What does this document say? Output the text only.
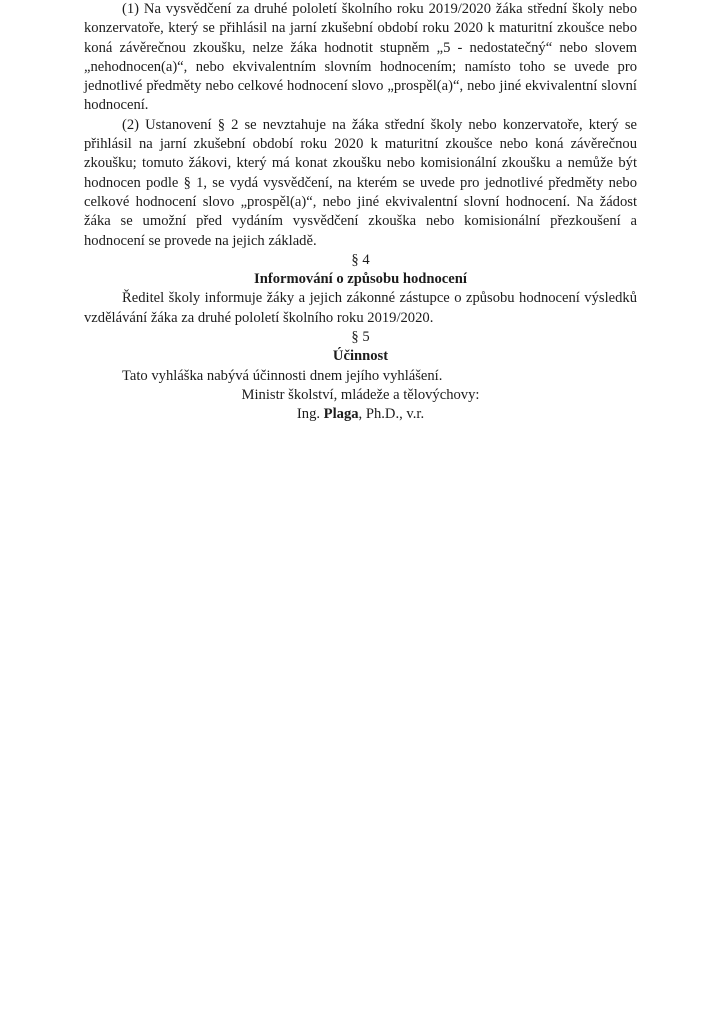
(1) Na vysvědčení za druhé pololetí školního roku 2019/2020 žáka střední školy nebo konzervatoře, který se přihlásil na jarní zkušební období roku 2020 k maturitní zkoušce nebo koná závěrečnou zkoušku, nelze žáka hodnotit stupněm „5 - nedostatečný“ nebo slovem „nehodnocen(a)“, nebo ekvivalentním slovním hodnocením; namísto toho se uvede pro jednotlivé předměty nebo celkové hodnocení slovo „prospěl(a)“, nebo jiné ekvivalentní slovní hodnocení.

(2) Ustanovení § 2 se nevztahuje na žáka střední školy nebo konzervatoře, který se přihlásil na jarní zkušební období roku 2020 k maturitní zkoušce nebo koná závěrečnou zkoušku; tomuto žákovi, který má konat zkoušku nebo komisionální zkoušku a nemůže být hodnocen podle § 1, se vydá vysvědčení, na kterém se uvede pro jednotlivé předměty nebo celkové hodnocení slovo „prospěl(a)“, nebo jiné ekvivalentní slovní hodnocení. Na žádost žáka se umožní před vydáním vysvědčení zkouška nebo komisionální přezkoušení a hodnocení se provede na jejich základě.

§ 4

Informování o způsobu hodnocení

Ředitel školy informuje žáky a jejich zákonné zástupce o způsobu hodnocení výsledků vzdělávání žáka za druhé pololetí školního roku 2019/2020.

§ 5

Účinnost

Tato vyhláška nabývá účinnosti dnem jejího vyhlášení.

Ministr školství, mládeže a tělovýchovy:

Ing. Plaga, Ph.D., v.r.
